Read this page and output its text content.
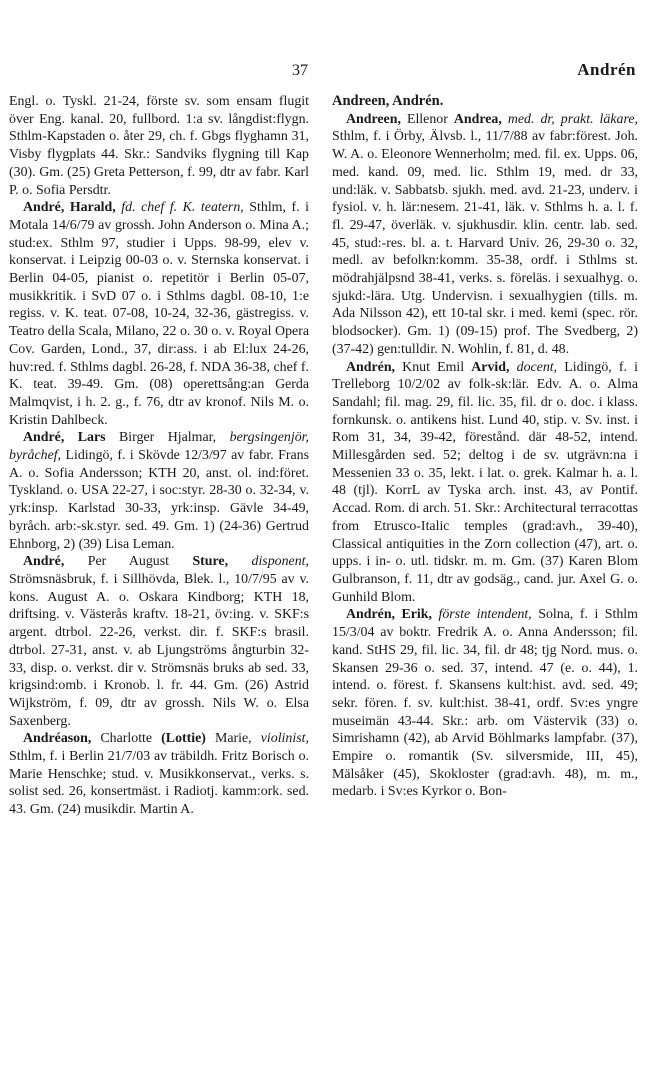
37	Andrén

Engl. o. Tyskl. 21-24, förste sv. som ensam flugit över Eng. kanal. 20, fullbord. 1:a sv. långdist:flygn. Sthlm-Kapstaden o. åter 29, ch. f. Gbgs flyghamn 31, Visby flygplats 44. Skr.: Sandviks flygning till Kap (30). Gm. (25) Greta Petterson, f. 99, dtr av fabr. Karl P. o. Sofia Persdtr.

André, Harald, fd. chef f. K. teatern, Sthlm, f. i Motala 14/6/79 av grossh. John Anderson o. Mina A.; stud:ex. Sthlm 97, studier i Upps. 98-99, elev v. konservat. i Leipzig 00-03 o. v. Sternska konservat. i Berlin 04-05, pianist o. repetitör i Berlin 05-07, musikkritik. i SvD 07 o. i Sthlms dagbl. 08-10, 1:e regiss. v. K. teat. 07-08, 10-24, 32-36, gästregiss. v. Teatro della Scala, Milano, 22 o. 30 o. v. Royal Opera Cov. Garden, Lond., 37, dir:ass. i ab El:lux 24-26, huv:red. f. Sthlms dagbl. 26-28, f. NDA 36-38, chef f. K. teat. 39-49. Gm. (08) operettsång:an Gerda Malmqvist, i h. 2. g., f. 76, dtr av kronof. Nils M. o. Kristin Dahlbeck.

André, Lars Birger Hjalmar, bergsingenjör, byråchef, Lidingö, f. i Skövde 12/3/97 av fabr. Frans A. o. Sofia Andersson; KTH 20, anst. ol. ind:föret. Tyskland. o. USA 22-27, i soc:styr. 28-30 o. 32-34, v. yrk:insp. Karlstad 30-33, yrk:insp. Gävle 34-49, byråch. arb:-sk.styr. sed. 49. Gm. 1) (24-36) Gertrud Ehnborg, 2) (39) Lisa Leman.

André, Per August Sture, disponent, Strömsnäsbruk, f. i Sillhövda, Blek. l., 10/7/95 av v. kons. August A. o. Oskara Kindborg; KTH 18, driftsing. v. Västerås kraftv. 18-21, öv:ing. v. SKF:s argent. dtrbol. 22-26, verkst. dir. f. SKF:s brasil. dtrbol. 27-31, anst. v. ab Ljungströms ångturbin 32-33, disp. o. verkst. dir v. Strömsnäs bruks ab sed. 33, krigsind:omb. i Kronob. l. fr. 44. Gm. (26) Astrid Wijkström, f. 09, dtr av grossh. Nils W. o. Elsa Saxenberg.

Andréason, Charlotte (Lottie) Marie, violinist, Sthlm, f. i Berlin 21/7/03 av träbildh. Fritz Borisch o. Marie Henschke; stud. v. Musikkonservat., verks. s. solist sed. 26, konsertmäst. i Radiotj. kamm:ork. sed. 43. Gm. (24) musikdir. Martin A.

Andreen, Andrén.

Andreen, Ellenor Andrea, med. dr, prakt. läkare, Sthlm, f. i Örby, Älvsb. l., 11/7/88 av fabr:förest. Joh. W. A. o. Eleonore Wennerholm; med. fil. ex. Upps. 06, med. kand. 09, med. lic. Sthlm 19, med. dr 33, und:läk. v. Sabbatsb. sjukh. med. avd. 21-23, underv. i fysiol. v. h. lär:nesem. 21-41, läk. v. Sthlms h. a. l. f. fl. 29-47, överläk. v. sjukhusdir. klin. centr. lab. sed. 45, stud:-res. bl. a. t. Harvard Univ. 26, 29-30 o. 32, medl. av befolkn:komm. 35-38, ordf. i Sthlms st. mödrahjälpsnd 38-41, verks. s. föreläs. i sexualhyg. o. sjukd:-lära. Utg. Undervisn. i sexualhygien (tills. m. Ada Nilsson 42), ett 10-tal skr. i med. kemi (spec. rör. blodsocker). Gm. 1) (09-15) prof. The Svedberg, 2) (37-42) gen:tulldir. N. Wohlin, f. 81, d. 48.

Andrén, Knut Emil Arvid, docent, Lidingö, f. i Trelleborg 10/2/02 av folk-sk:lär. Edv. A. o. Alma Sandahl; fil. mag. 29, fil. lic. 35, fil. dr o. doc. i klass. fornkunsk. o. antikens hist. Lund 40, stip. v. Sv. inst. i Rom 31, 34, 39-42, förestånd. där 48-52, intend. Millesgården sed. 52; deltog i de sv. utgrävn:na i Messenien 33 o. 35, lekt. i lat. o. grek. Kalmar h. a. l. 48 (tjl). KorrL av Tyska arch. inst. 43, av Pontif. Accad. Rom. di arch. 51. Skr.: Architectural terracottas from Etrusco-Italic temples (grad:avh., 39-40), Classical antiquities in the Zorn collection (47), art. o. upps. i in- o. utl. tidskr. m. m. Gm. (37) Karen Blom Gulbranson, f. 11, dtr av godsäg., cand. jur. Axel G. o. Gunhild Blom.

Andrén, Erik, förste intendent, Solna, f. i Sthlm 15/3/04 av boktr. Fredrik A. o. Anna Andersson; fil. kand. StHS 29, fil. lic. 34, fil. dr 48; tjg Nord. mus. o. Skansen 29-36 o. sed. 37, intend. 47 (e. o. 44), 1. intend. o. förest. f. Skansens kult:hist. avd. sed. 49; sekr. fören. f. sv. kult:hist. 38-41, ordf. Sv:es yngre museimän 43-44. Skr.: arb. om Västervik (33) o. Simrishamn (42), ab Arvid Böhlmarks lampfabr. (37), Empire o. romantik (Sv. silversmide, III, 45), Mälsåker (45), Skokloster (grad:avh. 48), m. m., medarb. i Sv:es Kyrkor o. Bon-
